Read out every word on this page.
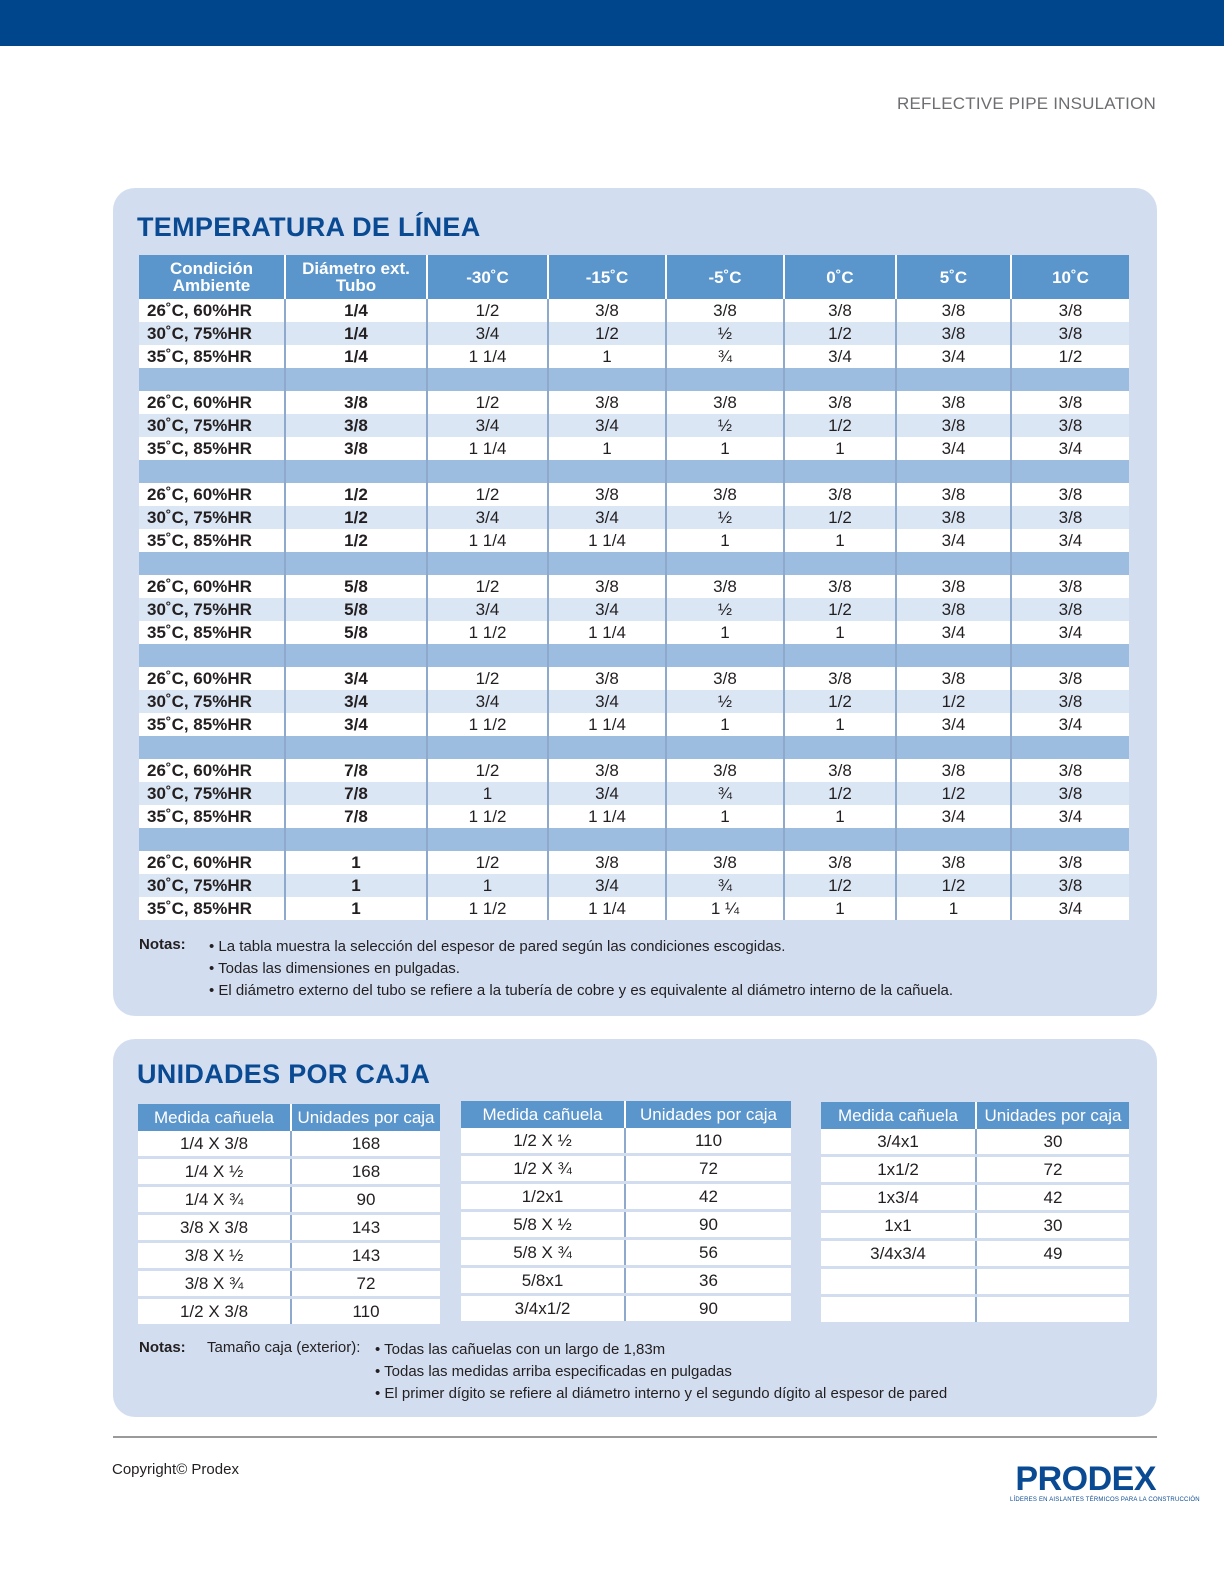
REFLECTIVE PIPE INSULATION
TEMPERATURA DE LÍNEA
Condición Ambiente	Diámetro ext. Tubo	-30˚C	-15˚C	-5˚C	0˚C	5˚C	10˚C
26˚C, 60%HR	1/4	1/2	3/8	3/8	3/8	3/8	3/8
30˚C, 75%HR	1/4	3/4	1/2	½	1/2	3/8	3/8
35˚C, 85%HR	1/4	1 1/4	1	¾	3/4	3/4	1/2

26˚C, 60%HR	3/8	1/2	3/8	3/8	3/8	3/8	3/8
30˚C, 75%HR	3/8	3/4	3/4	½	1/2	3/8	3/8
35˚C, 85%HR	3/8	1 1/4	1	1	1	3/4	3/4

26˚C, 60%HR	1/2	1/2	3/8	3/8	3/8	3/8	3/8
30˚C, 75%HR	1/2	3/4	3/4	½	1/2	3/8	3/8
35˚C, 85%HR	1/2	1 1/4	1 1/4	1	1	3/4	3/4

26˚C, 60%HR	5/8	1/2	3/8	3/8	3/8	3/8	3/8
30˚C, 75%HR	5/8	3/4	3/4	½	1/2	3/8	3/8
35˚C, 85%HR	5/8	1 1/2	1 1/4	1	1	3/4	3/4

26˚C, 60%HR	3/4	1/2	3/8	3/8	3/8	3/8	3/8
30˚C, 75%HR	3/4	3/4	3/4	½	1/2	1/2	3/8
35˚C, 85%HR	3/4	1 1/2	1 1/4	1	1	3/4	3/4

26˚C, 60%HR	7/8	1/2	3/8	3/8	3/8	3/8	3/8
30˚C, 75%HR	7/8	1	3/4	¾	1/2	1/2	3/8
35˚C, 85%HR	7/8	1 1/2	1 1/4	1	1	3/4	3/4

26˚C, 60%HR	1	1/2	3/8	3/8	3/8	3/8	3/8
30˚C, 75%HR	1	1	3/4	¾	1/2	1/2	3/8
35˚C, 85%HR	1	1 1/2	1 1/4	1 ¼	1	1	3/4
Notas:	• La tabla muestra la selección del espesor de pared según las condiciones escogidas.
• Todas las dimensiones en pulgadas.
• El diámetro externo del tubo se refiere a la tubería de cobre y es equivalente al diámetro interno de la cañuela.
UNIDADES POR CAJA
Medida cañuela	Unidades por caja
1/4 X 3/8	168
1/4 X ½	168
1/4 X ¾	90
3/8 X 3/8	143
3/8 X ½	143
3/8 X ¾	72
1/2 X 3/8	110
Medida cañuela	Unidades por caja
1/2 X ½	110
1/2 X ¾	72
1/2x1	42
5/8 X ½	90
5/8 X ¾	56
5/8x1	36
3/4x1/2	90
Medida cañuela	Unidades por caja
3/4x1	30
1x1/2	72
1x3/4	42
1x1	30
3/4x3/4	49

Notas:	Tamaño caja (exterior): • Todas las cañuelas con un largo de 1,83m
• Todas las medidas arriba especificadas en pulgadas
• El primer dígito se refiere al diámetro interno y el segundo dígito al espesor de pared
Copyright© Prodex	PRODEX
LÍDERES EN AISLANTES TÉRMICOS PARA LA CONSTRUCCIÓN
